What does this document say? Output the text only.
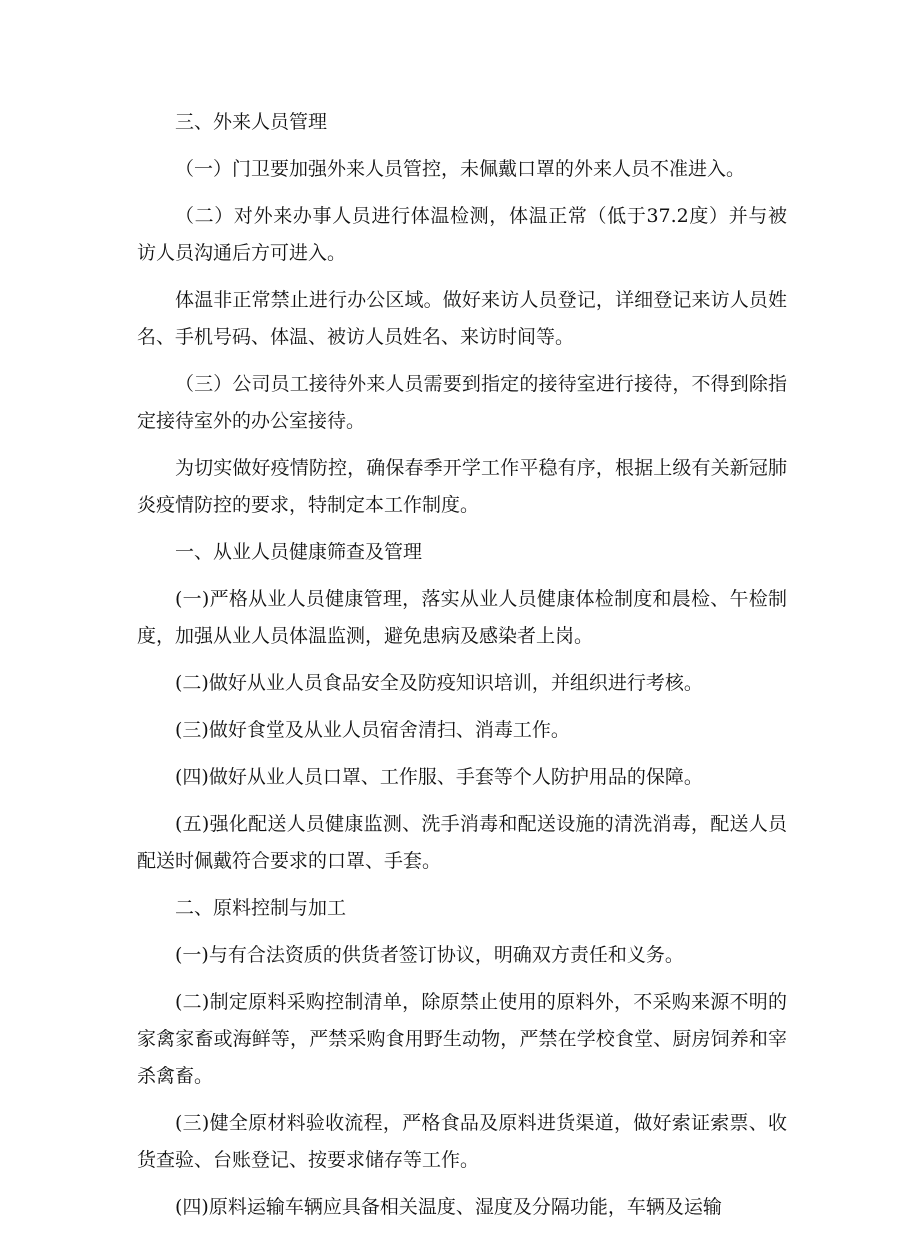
三、外来人员管理

（一）门卫要加强外来人员管控，未佩戴口罩的外来人员不准进入。

（二）对外来办事人员进行体温检测，体温正常（低于37.2度）并与被访人员沟通后方可进入。

体温非正常禁止进行办公区域。做好来访人员登记，详细登记来访人员姓名、手机号码、体温、被访人员姓名、来访时间等。

（三）公司员工接待外来人员需要到指定的接待室进行接待，不得到除指定接待室外的办公室接待。

为切实做好疫情防控，确保春季开学工作平稳有序，根据上级有关新冠肺炎疫情防控的要求，特制定本工作制度。

一、从业人员健康筛查及管理

(一)严格从业人员健康管理，落实从业人员健康体检制度和晨检、午检制度，加强从业人员体温监测，避免患病及感染者上岗。

(二)做好从业人员食品安全及防疫知识培训，并组织进行考核。

(三)做好食堂及从业人员宿舍清扫、消毒工作。

(四)做好从业人员口罩、工作服、手套等个人防护用品的保障。

(五)强化配送人员健康监测、洗手消毒和配送设施的清洗消毒，配送人员配送时佩戴符合要求的口罩、手套。

二、原料控制与加工

(一)与有合法资质的供货者签订协议，明确双方责任和义务。

(二)制定原料采购控制清单，除原禁止使用的原料外，不采购来源不明的家禽家畜或海鲜等，严禁采购食用野生动物，严禁在学校食堂、厨房饲养和宰杀禽畜。

(三)健全原材料验收流程，严格食品及原料进货渠道，做好索证索票、收货查验、台账登记、按要求储存等工作。

(四)原料运输车辆应具备相关温度、湿度及分隔功能，车辆及运输
